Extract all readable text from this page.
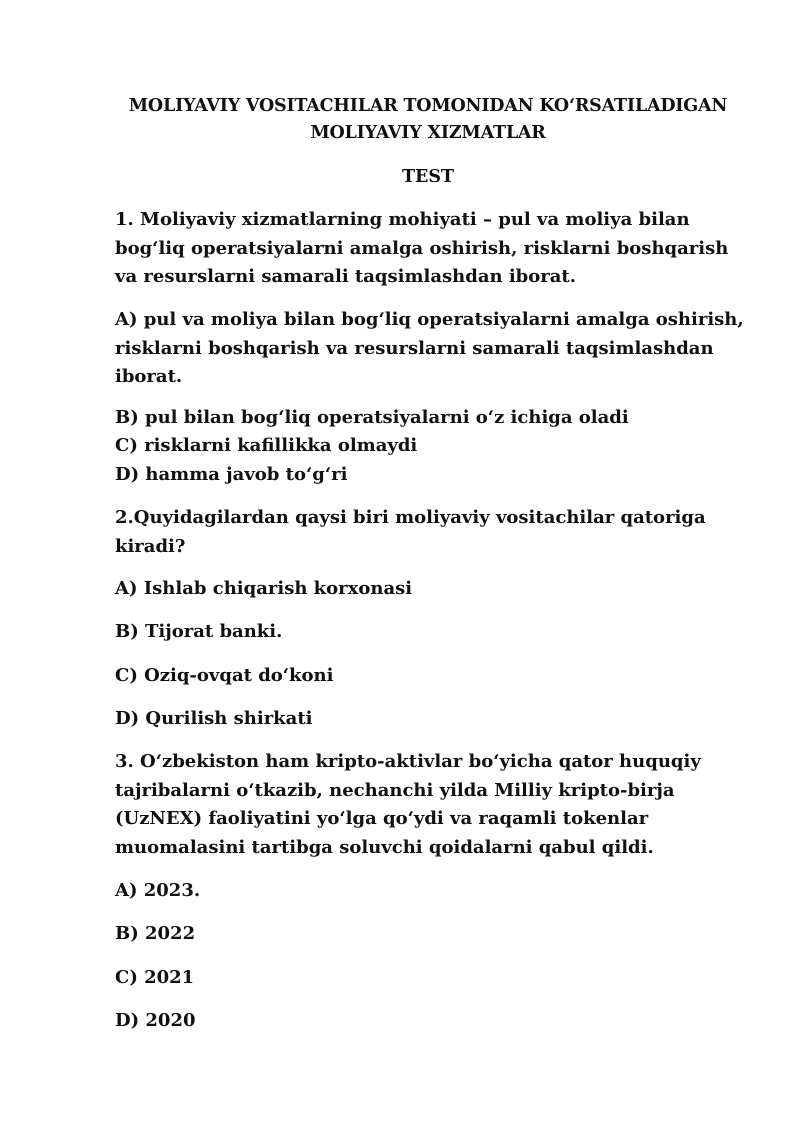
MOLIYAVIY VOSITACHILAR TOMONIDAN KOʻRSATILADIGAN
MOLIYAVIY XIZMATLAR
TEST

1. Moliyaviy xizmatlarning mohiyati – pul va moliya bilan bogʻliq operatsiyalarni amalga oshirish, risklarni boshqarish va resurslarni samarali taqsimlashdan iborat.

A) pul va moliya bilan bogʻliq operatsiyalarni amalga oshirish, risklarni boshqarish va resurslarni samarali taqsimlashdan iborat.

B) pul bilan bogʻliq operatsiyalarni oʻz ichiga oladi

C) risklarni kafillikka olmaydi

D) hamma javob toʻgʻri

2.Quyidagilardan qaysi biri moliyaviy vositachilar qatoriga kiradi?

A) Ishlab chiqarish korxonasi

B) Tijorat banki.

C) Oziq-ovqat doʻkoni

D) Qurilish shirkati

3. Oʻzbekiston ham kripto-aktivlar boʻyicha qator huquqiy tajribalarni oʻtkazib, nechanchi yilda Milliy kripto-birja (UzNEX) faoliyatini yoʻlga qoʻydi va raqamli tokenlar muomalasini tartibga soluvchi qoidalarni qabul qildi.

A) 2023.

B) 2022

C) 2021

D) 2020
